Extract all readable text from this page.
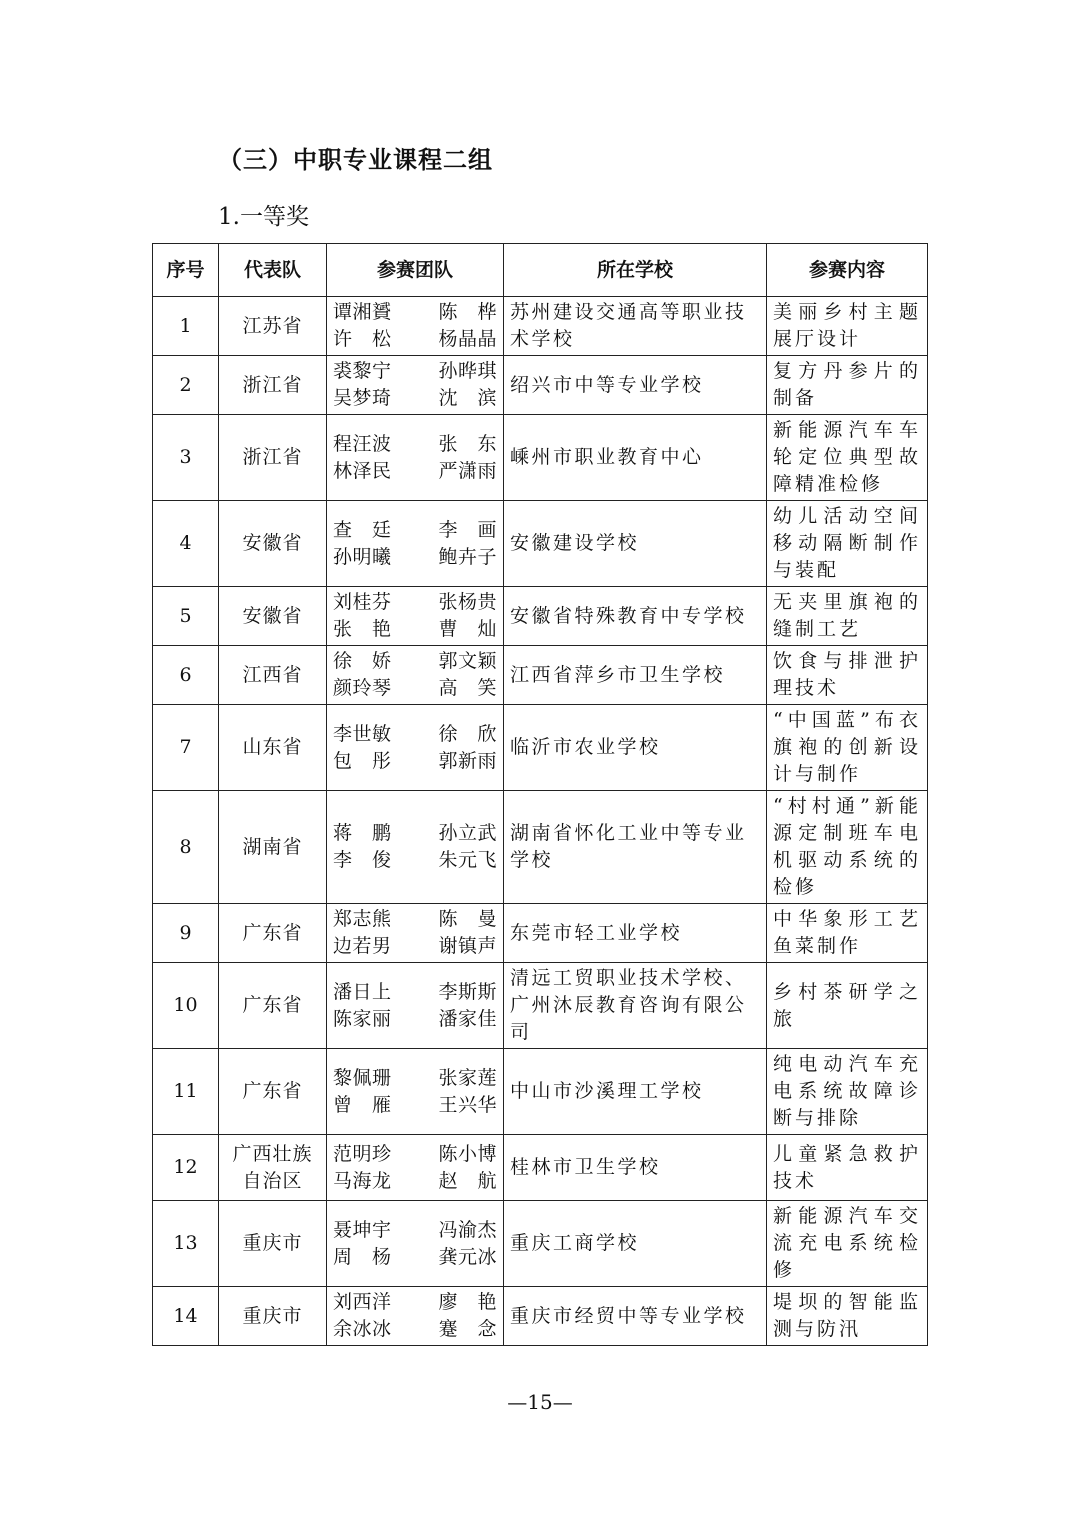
（三）中职专业课程二组
1.一等奖
序号	代表队	参赛团队	所在学校	参赛内容
1	江苏省	谭湘贇 陈　桦
许　松 杨晶晶	苏州建设交通高等职业技术学校	美丽乡村主题展厅设计
2	浙江省	裘黎宁 孙晔琪
吴梦琦 沈　滨	绍兴市中等专业学校	复方丹参片的制备
3	浙江省	程汪波 张　东
林泽民 严潇雨	嵊州市职业教育中心	新能源汽车车轮定位典型故障精准检修
4	安徽省	查　廷 李　画
孙明曦 鲍卉子	安徽建设学校	幼儿活动空间移动隔断制作与装配
5	安徽省	刘桂芬 张杨贵
张　艳 曹　灿	安徽省特殊教育中专学校	无夹里旗袍的缝制工艺
6	江西省	徐　娇 郭文颖
颜玲琴 高　笑	江西省萍乡市卫生学校	饮食与排泄护理技术
7	山东省	李世敏 徐　欣
包　彤 郭新雨	临沂市农业学校	“中国蓝”布衣旗袍的创新设计与制作
8	湖南省	蒋　鹏 孙立武
李　俊 朱元飞	湖南省怀化工业中等专业学校	“村村通”新能源定制班车电机驱动系统的检修
9	广东省	郑志熊 陈　曼
边若男 谢镇声	东莞市轻工业学校	中华象形工艺鱼菜制作
10	广东省	潘日上 李斯斯
陈家丽 潘家佳	清远工贸职业技术学校、广州沐辰教育咨询有限公司	乡村茶研学之旅
11	广东省	黎佩珊 张家莲
曾　雁 王兴华	中山市沙溪理工学校	纯电动汽车充电系统故障诊断与排除
12	广西壮族自治区	范明珍 陈小博
马海龙 赵　航	桂林市卫生学校	儿童紧急救护技术
13	重庆市	聂坤宇 冯渝杰
周　杨 龚元冰	重庆工商学校	新能源汽车交流充电系统检修
14	重庆市	刘西洋 廖　艳
余冰冰 蹇　念	重庆市经贸中等专业学校	堤坝的智能监测与防汛
—15—
